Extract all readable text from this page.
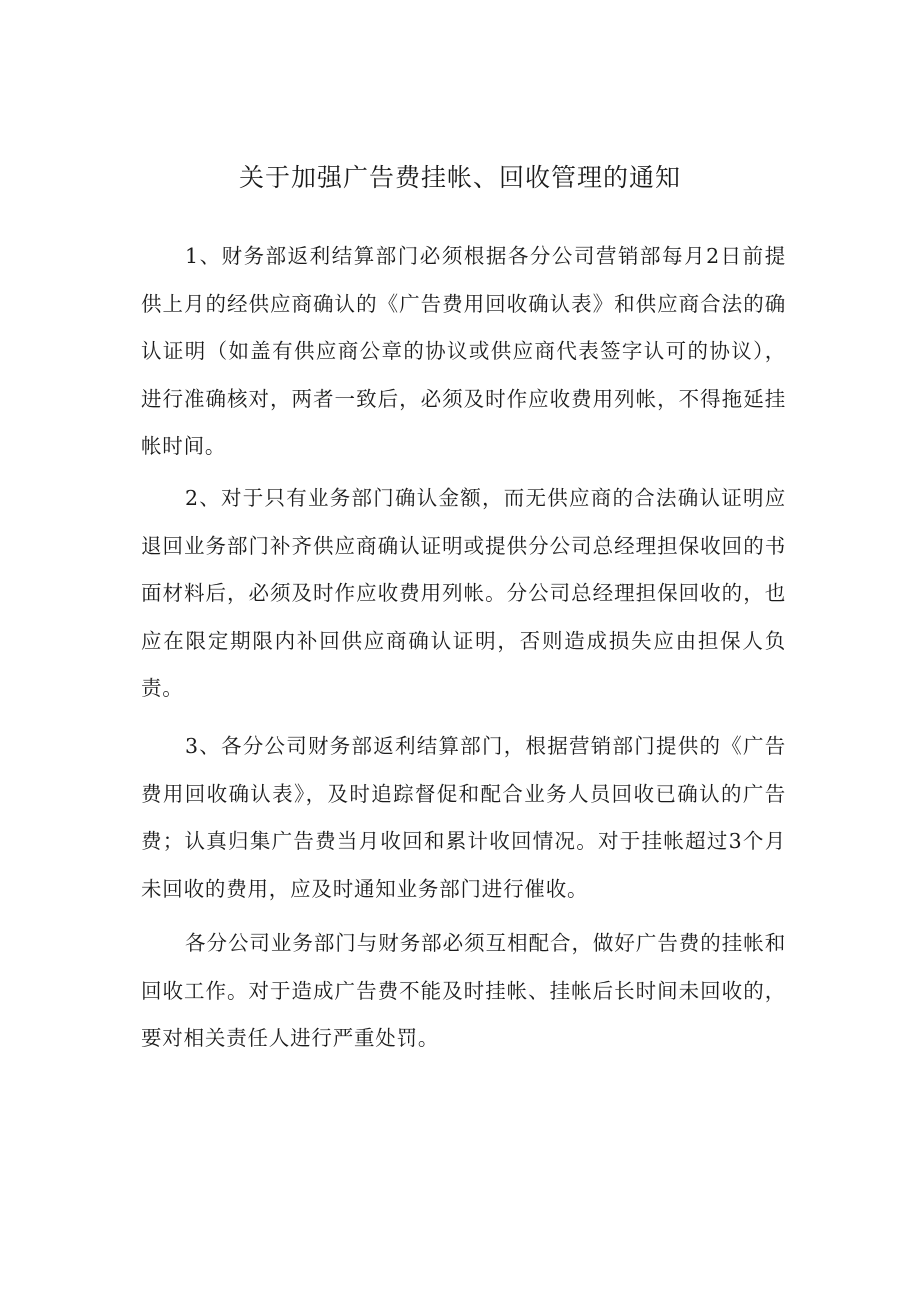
关于加强广告费挂帐、回收管理的通知

1、财务部返利结算部门必须根据各分公司营销部每月2日前提供上月的经供应商确认的《广告费用回收确认表》和供应商合法的确认证明（如盖有供应商公章的协议或供应商代表签字认可的协议），进行准确核对，两者一致后，必须及时作应收费用列帐，不得拖延挂帐时间。

2、对于只有业务部门确认金额，而无供应商的合法确认证明应退回业务部门补齐供应商确认证明或提供分公司总经理担保收回的书面材料后，必须及时作应收费用列帐。分公司总经理担保回收的，也应在限定期限内补回供应商确认证明，否则造成损失应由担保人负责。

3、各分公司财务部返利结算部门，根据营销部门提供的《广告费用回收确认表》，及时追踪督促和配合业务人员回收已确认的广告费；认真归集广告费当月收回和累计收回情况。对于挂帐超过3个月未回收的费用，应及时通知业务部门进行催收。

各分公司业务部门与财务部必须互相配合，做好广告费的挂帐和回收工作。对于造成广告费不能及时挂帐、挂帐后长时间未回收的，要对相关责任人进行严重处罚。
